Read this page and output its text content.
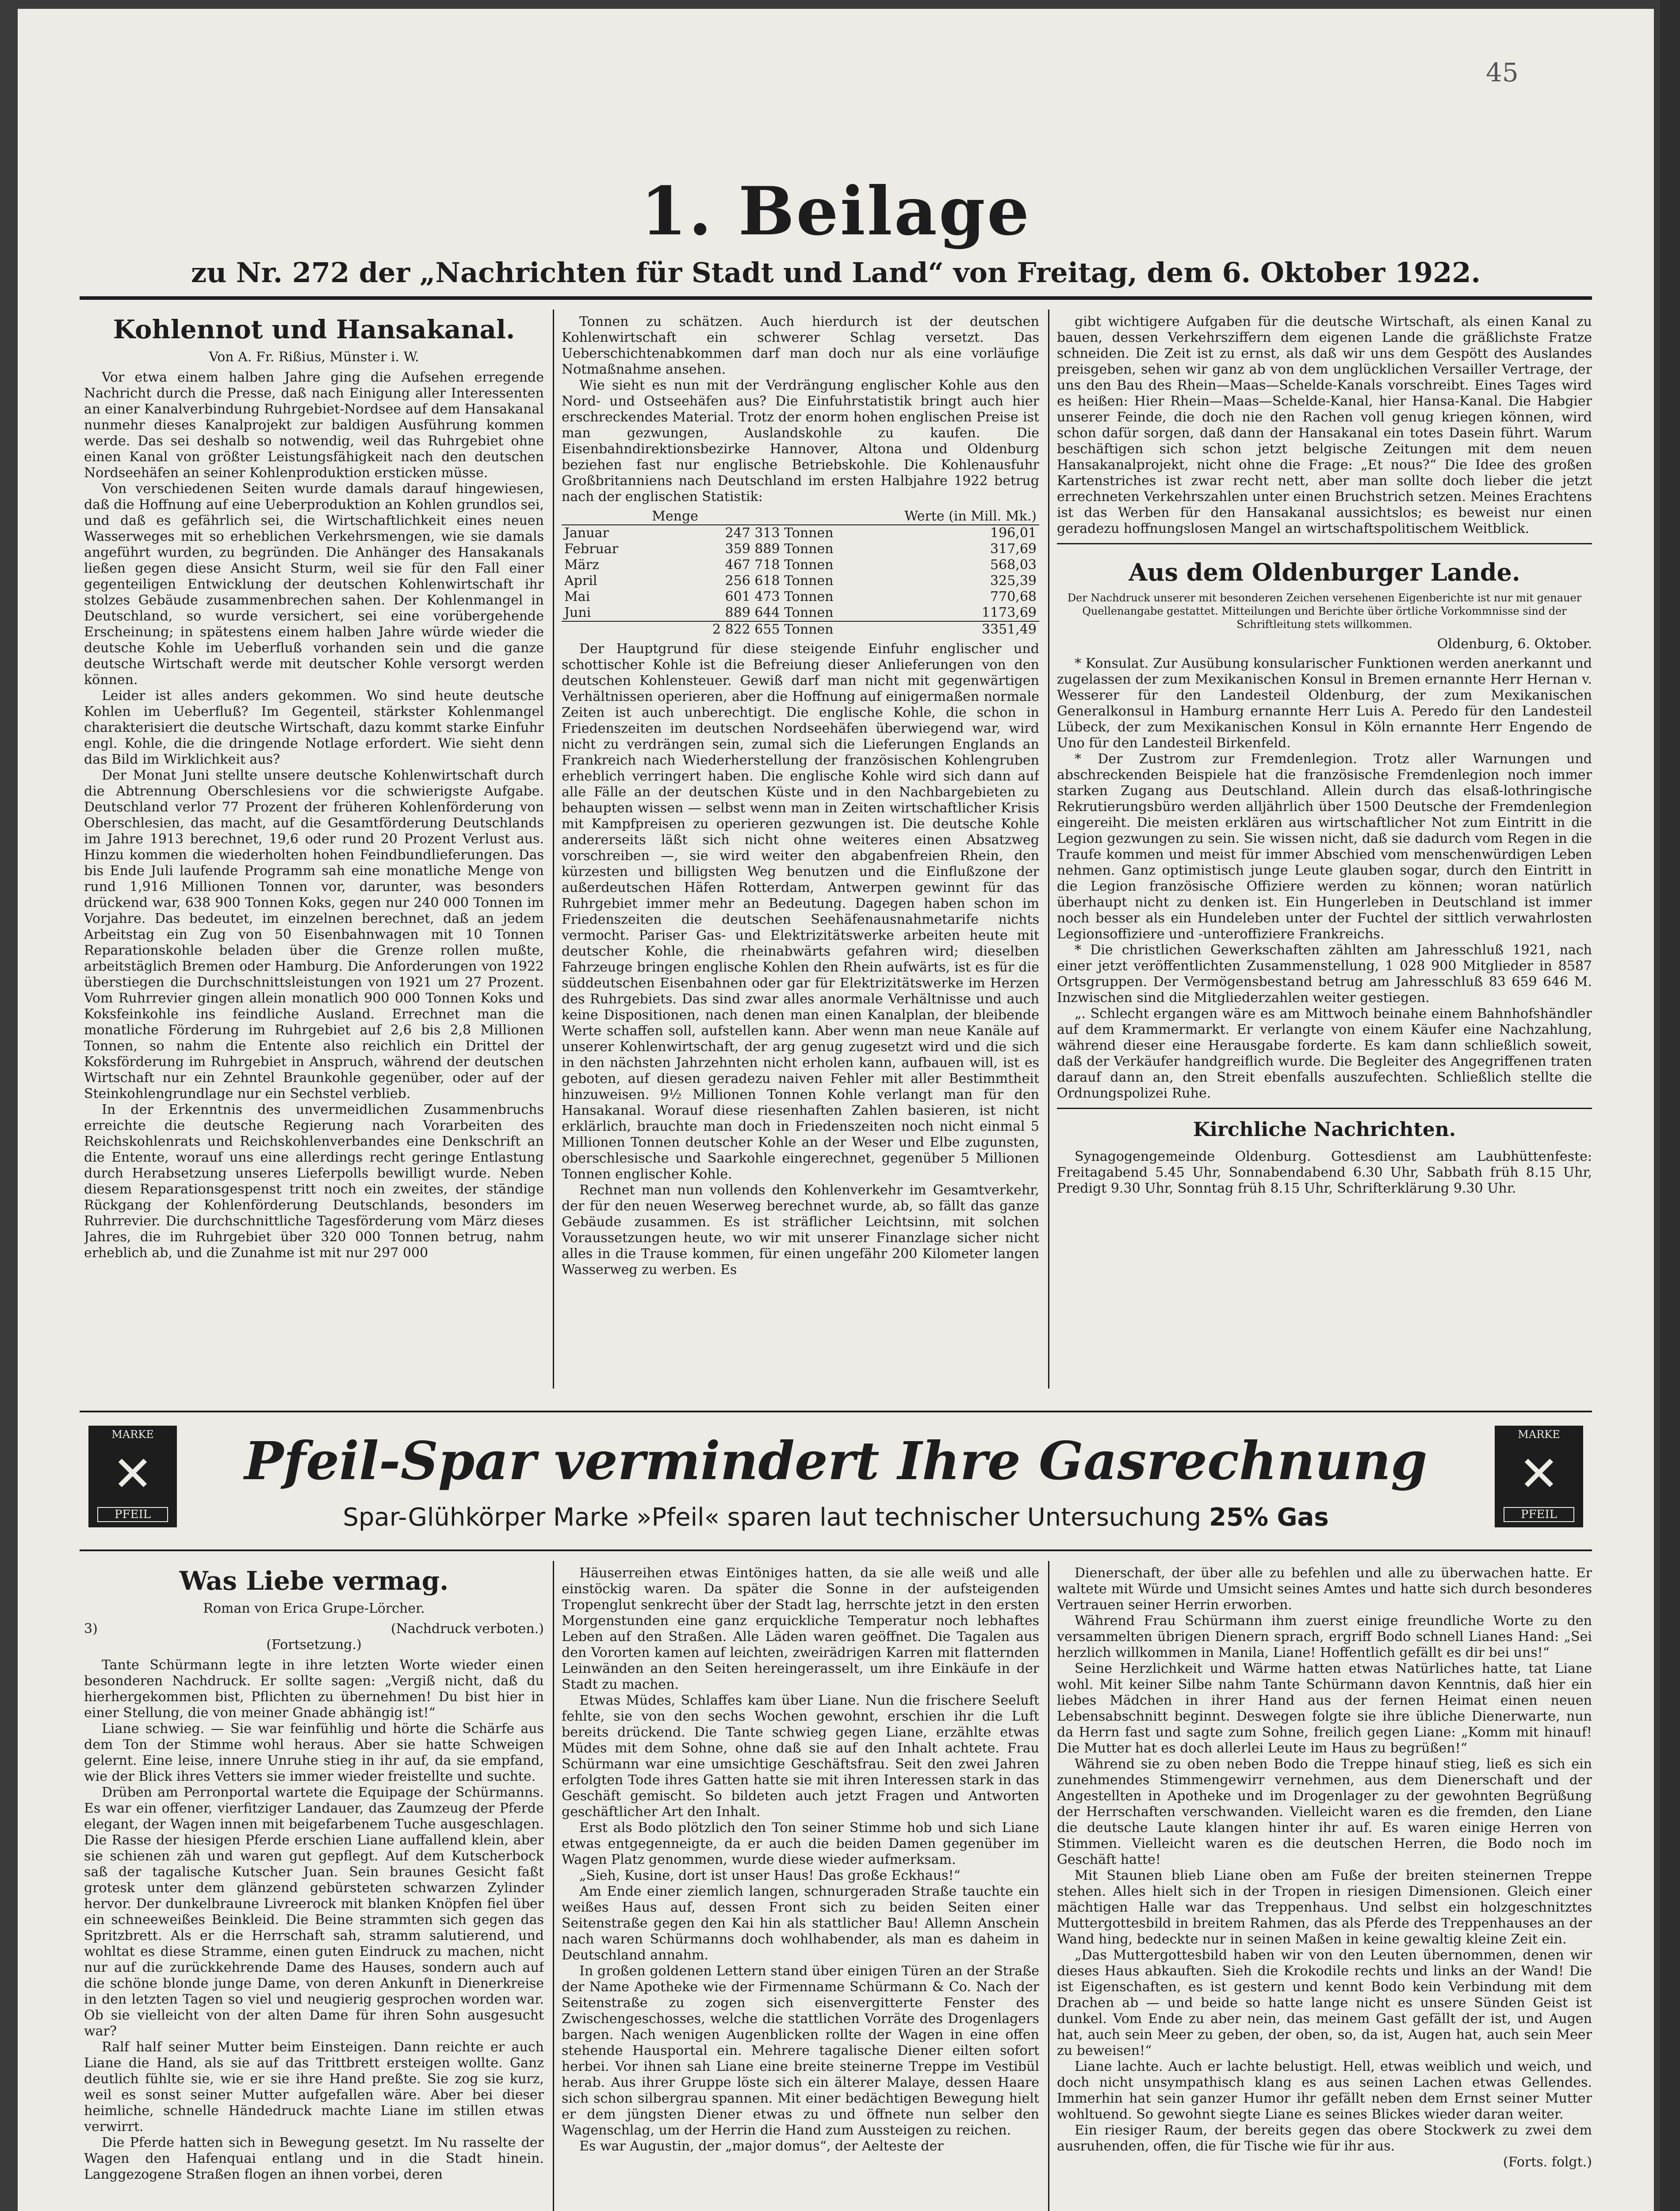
45
1. Beilage
zu Nr. 272 der „Nachrichten für Stadt und Land“ von Freitag, dem 6. Oktober 1922.
Kohlennot und Hansakanal.
Von A. Fr. Rißius, Münster i. W.

Vor etwa einem halben Jahre ging die Aufsehen erregende Nachricht durch die Presse, daß nach Einigung aller Interessenten an einer Kanalverbindung Ruhrgebiet-Nordsee auf dem Hansakanal nunmehr dieses Kanalprojekt zur baldigen Ausführung kommen werde. Das sei deshalb so notwendig, weil das Ruhrgebiet ohne einen Kanal von größter Leistungsfähigkeit nach den deutschen Nordseehäfen an seiner Kohlenproduktion ersticken müsse.

Von verschiedenen Seiten wurde damals darauf hingewiesen, daß die Hoffnung auf eine Ueberproduktion an Kohlen grundlos sei, und daß es gefährlich sei, die Wirtschaftlichkeit eines neuen Wasserweges mit so erheblichen Verkehrsmengen, wie sie damals angeführt wurden, zu begründen. Die Anhänger des Hansakanals ließen gegen diese Ansicht Sturm, weil sie für den Fall einer gegenteiligen Entwicklung der deutschen Kohlenwirtschaft ihr stolzes Gebäude zusammenbrechen sahen. Der Kohlenmangel in Deutschland, so wurde versichert, sei eine vorübergehende Erscheinung; in spätestens einem halben Jahre würde wieder die deutsche Kohle im Ueberfluß vorhanden sein und die ganze deutsche Wirtschaft werde mit deutscher Kohle versorgt werden können.

Leider ist alles anders gekommen. Wo sind heute deutsche Kohlen im Ueberfluß? Im Gegenteil, stärkster Kohlenmangel charakterisiert die deutsche Wirtschaft, dazu kommt starke Einfuhr engl. Kohle, die die dringende Notlage erfordert. Wie sieht denn das Bild im Wirklichkeit aus?

Der Monat Juni stellte unsere deutsche Kohlenwirtschaft durch die Abtrennung Oberschlesiens vor die schwierigste Aufgabe. Deutschland verlor 77 Prozent der früheren Kohlenförderung von Oberschlesien, das macht, auf die Gesamtförderung Deutschlands im Jahre 1913 berechnet, 19,6 oder rund 20 Prozent Verlust aus. Hinzu kommen die wiederholten hohen Feindbundlieferungen. Das bis Ende Juli laufende Programm sah eine monatliche Menge von rund 1,916 Millionen Tonnen vor, darunter, was besonders drückend war, 638 900 Tonnen Koks, gegen nur 240 000 Tonnen im Vorjahre. Das bedeutet, im einzelnen berechnet, daß an jedem Arbeitstag ein Zug von 50 Eisenbahnwagen mit 10 Tonnen Reparationskohle beladen über die Grenze rollen mußte, arbeitstäglich Bremen oder Hamburg. Die Anforderungen von 1922 überstiegen die Durchschnittsleistungen von 1921 um 27 Prozent. Vom Ruhrrevier gingen allein monatlich 900 000 Tonnen Koks und Koksfeinkohle ins feindliche Ausland. Errechnet man die monatliche Förderung im Ruhrgebiet auf 2,6 bis 2,8 Millionen Tonnen, so nahm die Entente also reichlich ein Drittel der Koksförderung im Ruhrgebiet in Anspruch, während der deutschen Wirtschaft nur ein Zehntel Braunkohle gegenüber, oder auf der Steinkohlengrundlage nur ein Sechstel verblieb.

In der Erkenntnis des unvermeidlichen Zusammenbruchs erreichte die deutsche Regierung nach Vorarbeiten des Reichskohlenrats und Reichskohlenverbandes eine Denkschrift an die Entente, worauf uns eine allerdings recht geringe Entlastung durch Herabsetzung unseres Lieferpolls bewilligt wurde. Neben diesem Reparationsgespenst tritt noch ein zweites, der ständige Rückgang der Kohlenförderung Deutschlands, besonders im Ruhrrevier. Die durchschnittliche Tagesförderung vom März dieses Jahres, die im Ruhrgebiet über 320 000 Tonnen betrug, nahm erheblich ab, und die Zunahme ist mit nur 297 000

Tonnen zu schätzen. Auch hierdurch ist der deutschen Kohlenwirtschaft ein schwerer Schlag versetzt. Das Ueberschichtenabkommen darf man doch nur als eine vorläufige Notmaßnahme ansehen.

Wie sieht es nun mit der Verdrängung englischer Kohle aus den Nord- und Ostseehäfen aus? Die Einfuhrstatistik bringt auch hier erschreckendes Material. Trotz der enorm hohen englischen Preise ist man gezwungen, Auslandskohle zu kaufen. Die Eisenbahndirektionsbezirke Hannover, Altona und Oldenburg beziehen fast nur englische Betriebskohle. Die Kohlenausfuhr Großbritanniens nach Deutschland im ersten Halbjahre 1922 betrug nach der englischen Statistik:

	Menge	Werte (in Mill. Mk.)
Januar	247 313 Tonnen	196,01
Februar	359 889 Tonnen	317,69
März	467 718 Tonnen	568,03
April	256 618 Tonnen	325,39
Mai	601 473 Tonnen	770,68
Juni	889 644 Tonnen	1173,69
	2 822 655 Tonnen	3351,49

Der Hauptgrund für diese steigende Einfuhr englischer und schottischer Kohle ist die Befreiung dieser Anlieferungen von den deutschen Kohlensteuer. Gewiß darf man nicht mit gegenwärtigen Verhältnissen operieren, aber die Hoffnung auf einigermaßen normale Zeiten ist auch unberechtigt. Die englische Kohle, die schon in Friedenszeiten im deutschen Nordseehäfen überwiegend war, wird nicht zu verdrängen sein, zumal sich die Lieferungen Englands an Frankreich nach Wiederherstellung der französischen Kohlengruben erheblich verringert haben. Die englische Kohle wird sich dann auf alle Fälle an der deutschen Küste und in den Nachbargebieten zu behaupten wissen — selbst wenn man in Zeiten wirtschaftlicher Krisis mit Kampfpreisen zu operieren gezwungen ist. Die deutsche Kohle andererseits läßt sich nicht ohne weiteres einen Absatzweg vorschreiben —, sie wird weiter den abgabenfreien Rhein, den kürzesten und billigsten Weg benutzen und die Einflußzone der außerdeutschen Häfen Rotterdam, Antwerpen gewinnt für das Ruhrgebiet immer mehr an Bedeutung. Dagegen haben schon im Friedenszeiten die deutschen Seehäfenausnahmetarife nichts vermocht. Pariser Gas- und Elektrizitätswerke arbeiten heute mit deutscher Kohle, die rheinabwärts gefahren wird; dieselben Fahrzeuge bringen englische Kohlen den Rhein aufwärts, ist es für die süddeutschen Eisenbahnen oder gar für Elektrizitätswerke im Herzen des Ruhrgebiets. Das sind zwar alles anormale Verhältnisse und auch keine Dispositionen, nach denen man einen Kanalplan, der bleibende Werte schaffen soll, aufstellen kann. Aber wenn man neue Kanäle auf unserer Kohlenwirtschaft, der arg genug zugesetzt wird und die sich in den nächsten Jahrzehnten nicht erholen kann, aufbauen will, ist es geboten, auf diesen geradezu naiven Fehler mit aller Bestimmtheit hinzuweisen. 9½ Millionen Tonnen Kohle verlangt man für den Hansakanal. Worauf diese riesenhaften Zahlen basieren, ist nicht erklärlich, brauchte man doch in Friedenszeiten noch nicht einmal 5 Millionen Tonnen deutscher Kohle an der Weser und Elbe zugunsten, oberschlesische und Saarkohle eingerechnet, gegenüber 5 Millionen Tonnen englischer Kohle.

Rechnet man nun vollends den Kohlenverkehr im Gesamtverkehr, der für den neuen Weserweg berechnet wurde, ab, so fällt das ganze Gebäude zusammen. Es ist sträflicher Leichtsinn, mit solchen Voraussetzungen heute, wo wir mit unserer Finanzlage sicher nicht alles in die Trause kommen, für einen ungefähr 200 Kilometer langen Wasserweg zu werben. Es

gibt wichtigere Aufgaben für die deutsche Wirtschaft, als einen Kanal zu bauen, dessen Verkehrsziffern dem eigenen Lande die gräßlichste Fratze schneiden. Die Zeit ist zu ernst, als daß wir uns dem Gespött des Auslandes preisgeben, sehen wir ganz ab von dem unglücklichen Versailler Vertrage, der uns den Bau des Rhein—Maas—Schelde-Kanals vorschreibt. Eines Tages wird es heißen: Hier Rhein—Maas—Schelde-Kanal, hier Hansa-Kanal. Die Habgier unserer Feinde, die doch nie den Rachen voll genug kriegen können, wird schon dafür sorgen, daß dann der Hansakanal ein totes Dasein führt. Warum beschäftigen sich schon jetzt belgische Zeitungen mit dem neuen Hansakanalprojekt, nicht ohne die Frage: „Et nous?“ Die Idee des großen Kartenstriches ist zwar recht nett, aber man sollte doch lieber die jetzt errechneten Verkehrszahlen unter einen Bruchstrich setzen. Meines Erachtens ist das Werben für den Hansakanal aussichtslos; es beweist nur einen geradezu hoffnungslosen Mangel an wirtschaftspolitischem Weitblick.

Aus dem Oldenburger Lande.
Der Nachdruck unserer mit besonderen Zeichen versehenen Eigenberichte ist nur mit genauer Quellenangabe gestattet. Mitteilungen und Berichte über örtliche Vorkommnisse sind der Schriftleitung stets willkommen.
Oldenburg, 6. Oktober.

* Konsulat. Zur Ausübung konsularischer Funktionen werden anerkannt und zugelassen der zum Mexikanischen Konsul in Bremen ernannte Herr Hernan v. Wesserer für den Landesteil Oldenburg, der zum Mexikanischen Generalkonsul in Hamburg ernannte Herr Luis A. Peredo für den Landesteil Lübeck, der zum Mexikanischen Konsul in Köln ernannte Herr Engendo de Uno für den Landesteil Birkenfeld.

* Der Zustrom zur Fremdenlegion. Trotz aller Warnungen und abschreckenden Beispiele hat die französische Fremdenlegion noch immer starken Zugang aus Deutschland. Allein durch das elsaß-lothringische Rekrutierungsbüro werden alljährlich über 1500 Deutsche der Fremdenlegion eingereiht. Die meisten erklären aus wirtschaftlicher Not zum Eintritt in die Legion gezwungen zu sein. Sie wissen nicht, daß sie dadurch vom Regen in die Traufe kommen und meist für immer Abschied vom menschenwürdigen Leben nehmen. Ganz optimistisch junge Leute glauben sogar, durch den Eintritt in die Legion französische Offiziere werden zu können; woran natürlich überhaupt nicht zu denken ist. Ein Hungerleben in Deutschland ist immer noch besser als ein Hundeleben unter der Fuchtel der sittlich verwahrlosten Legionsoffiziere und -unteroffiziere Frankreichs.

* Die christlichen Gewerkschaften zählten am Jahresschluß 1921, nach einer jetzt veröffentlichten Zusammenstellung, 1 028 900 Mitglieder in 8587 Ortsgruppen. Der Vermögensbestand betrug am Jahresschluß 83 659 646 M. Inzwischen sind die Mitgliederzahlen weiter gestiegen.

„. Schlecht ergangen wäre es am Mittwoch beinahe einem Bahnhofshändler auf dem Krammermarkt. Er verlangte von einem Käufer eine Nachzahlung, während dieser eine Herausgabe forderte. Es kam dann schließlich soweit, daß der Verkäufer handgreiflich wurde. Die Begleiter des Angegriffenen traten darauf dann an, den Streit ebenfalls auszufechten. Schließlich stellte die Ordnungspolizei Ruhe.

Kirchliche Nachrichten.

Synagogengemeinde Oldenburg. Gottesdienst am Laubhüttenfeste: Freitagabend 5.45 Uhr, Sonnabendabend 6.30 Uhr, Sabbath früh 8.15 Uhr, Predigt 9.30 Uhr, Sonntag früh 8.15 Uhr, Schrifterklärung 9.30 Uhr.

MARKE
✕
PFEIL
Pfeil-Spar vermindert Ihre Gasrechnung
Spar-Glühkörper Marke »Pfeil« sparen laut technischer Untersuchung 25% Gas
MARKE
✕
PFEIL
Was Liebe vermag.
Roman von Erica Grupe-Lörcher.
3)	(Nachdruck verboten.)
(Fortsetzung.)

Tante Schürmann legte in ihre letzten Worte wieder einen besonderen Nachdruck. Er sollte sagen: „Vergiß nicht, daß du hierhergekommen bist, Pflichten zu übernehmen! Du bist hier in einer Stellung, die von meiner Gnade abhängig ist!“

Liane schwieg. — Sie war feinfühlig und hörte die Schärfe aus dem Ton der Stimme wohl heraus. Aber sie hatte Schweigen gelernt. Eine leise, innere Unruhe stieg in ihr auf, da sie empfand, wie der Blick ihres Vetters sie immer wieder freistellte und suchte.

Drüben am Perronportal wartete die Equipage der Schürmanns. Es war ein offener, vierfitziger Landauer, das Zaumzeug der Pferde elegant, der Wagen innen mit beigefarbenem Tuche ausgeschlagen. Die Rasse der hiesigen Pferde erschien Liane auffallend klein, aber sie schienen zäh und waren gut gepflegt. Auf dem Kutscherbock saß der tagalische Kutscher Juan. Sein braunes Gesicht faßt grotesk unter dem glänzend gebürsteten schwarzen Zylinder hervor. Der dunkelbraune Livreerock mit blanken Knöpfen fiel über ein schneeweißes Beinkleid. Die Beine strammten sich gegen das Spritzbrett. Als er die Herrschaft sah, stramm salutierend, und wohltat es diese Stramme, einen guten Eindruck zu machen, nicht nur auf die zurückkehrende Dame des Hauses, sondern auch auf die schöne blonde junge Dame, von deren Ankunft in Dienerkreise in den letzten Tagen so viel und neugierig gesprochen worden war. Ob sie vielleicht von der alten Dame für ihren Sohn ausgesucht war?

Ralf half seiner Mutter beim Einsteigen. Dann reichte er auch Liane die Hand, als sie auf das Trittbrett ersteigen wollte. Ganz deutlich fühlte sie, wie er sie ihre Hand preßte. Sie zog sie kurz, weil es sonst seiner Mutter aufgefallen wäre. Aber bei dieser heimliche, schnelle Händedruck machte Liane im stillen etwas verwirrt.

Die Pferde hatten sich in Bewegung gesetzt. Im Nu rasselte der Wagen den Hafenquai entlang und in die Stadt hinein. Langgezogene Straßen flogen an ihnen vorbei, deren

Häuserreihen etwas Eintöniges hatten, da sie alle weiß und alle einstöckig waren. Da später die Sonne in der aufsteigenden Tropenglut senkrecht über der Stadt lag, herrschte jetzt in den ersten Morgenstunden eine ganz erquickliche Temperatur noch lebhaftes Leben auf den Straßen. Alle Läden waren geöffnet. Die Tagalen aus den Vororten kamen auf leichten, zweirädrigen Karren mit flatternden Leinwänden an den Seiten hereingerasselt, um ihre Einkäufe in der Stadt zu machen.

Etwas Müdes, Schlaffes kam über Liane. Nun die frischere Seeluft fehlte, sie von den sechs Wochen gewohnt, erschien ihr die Luft bereits drückend. Die Tante schwieg gegen Liane, erzählte etwas Müdes mit dem Sohne, ohne daß sie auf den Inhalt achtete. Frau Schürmann war eine umsichtige Geschäftsfrau. Seit den zwei Jahren erfolgten Tode ihres Gatten hatte sie mit ihren Interessen stark in das Geschäft gemischt. So bildeten auch jetzt Fragen und Antworten geschäftlicher Art den Inhalt.

Erst als Bodo plötzlich den Ton seiner Stimme hob und sich Liane etwas entgegenneigte, da er auch die beiden Damen gegenüber im Wagen Platz genommen, wurde diese wieder aufmerksam.

„Sieh, Kusine, dort ist unser Haus! Das große Eckhaus!“

Am Ende einer ziemlich langen, schnurgeraden Straße tauchte ein weißes Haus auf, dessen Front sich zu beiden Seiten einer Seitenstraße gegen den Kai hin als stattlicher Bau! Allemn Anschein nach waren Schürmanns doch wohlhabender, als man es daheim in Deutschland annahm.

In großen goldenen Lettern stand über einigen Türen an der Straße der Name Apotheke wie der Firmenname Schürmann & Co. Nach der Seitenstraße zu zogen sich eisenvergitterte Fenster des Zwischengeschosses, welche die stattlichen Vorräte des Drogenlagers bargen. Nach wenigen Augenblicken rollte der Wagen in eine offen stehende Hausportal ein. Mehrere tagalische Diener eilten sofort herbei. Vor ihnen sah Liane eine breite steinerne Treppe im Vestibül herab. Aus ihrer Gruppe löste sich ein älterer Malaye, dessen Haare sich schon silbergrau spannen. Mit einer bedächtigen Bewegung hielt er dem jüngsten Diener etwas zu und öffnete nun selber den Wagenschlag, um der Herrin die Hand zum Aussteigen zu reichen.

Es war Augustin, der „major domus“, der Aelteste der

Dienerschaft, der über alle zu befehlen und alle zu überwachen hatte. Er waltete mit Würde und Umsicht seines Amtes und hatte sich durch besonderes Vertrauen seiner Herrin erworben.

Während Frau Schürmann ihm zuerst einige freundliche Worte zu den versammelten übrigen Dienern sprach, ergriff Bodo schnell Lianes Hand: „Sei herzlich willkommen in Manila, Liane! Hoffentlich gefällt es dir bei uns!“

Seine Herzlichkeit und Wärme hatten etwas Natürliches hatte, tat Liane wohl. Mit keiner Silbe nahm Tante Schürmann davon Kenntnis, daß hier ein liebes Mädchen in ihrer Hand aus der fernen Heimat einen neuen Lebensabschnitt beginnt. Deswegen folgte sie ihre übliche Dienerwarte, nun da Herrn fast und sagte zum Sohne, freilich gegen Liane: „Komm mit hinauf! Die Mutter hat es doch allerlei Leute im Haus zu begrüßen!“

Während sie zu oben neben Bodo die Treppe hinauf stieg, ließ es sich ein zunehmendes Stimmengewirr vernehmen, aus dem Dienerschaft und der Angestellten in Apotheke und im Drogenlager zu der gewohnten Begrüßung der Herrschaften verschwanden. Vielleicht waren es die fremden, den Liane die deutsche Laute klangen hinter ihr auf. Es waren einige Herren von Stimmen. Vielleicht waren es die deutschen Herren, die Bodo noch im Geschäft hatte!

Mit Staunen blieb Liane oben am Fuße der breiten steinernen Treppe stehen. Alles hielt sich in der Tropen in riesigen Dimensionen. Gleich einer mächtigen Halle war das Treppenhaus. Und selbst ein holzgeschnitztes Muttergottesbild in breitem Rahmen, das als Pferde des Treppenhauses an der Wand hing, bedeckte nur in seinen Maßen in keine gewaltig kleine Zeit ein.

„Das Muttergottesbild haben wir von den Leuten übernommen, denen wir dieses Haus abkauften. Sieh die Krokodile rechts und links an der Wand! Die ist Eigenschaften, es ist gestern und kennt Bodo kein Verbindung mit dem Drachen ab — und beide so hatte lange nicht es unsere Sünden Geist ist dunkel. Vom Ende zu aber nein, das meinem Gast gefällt der ist, und Augen hat, auch sein Meer zu geben, der oben, so, da ist, Augen hat, auch sein Meer zu beweisen!“

Liane lachte. Auch er lachte belustigt. Hell, etwas weiblich und weich, und doch nicht unsympathisch klang es aus seinen Lachen etwas Gellendes. Immerhin hat sein ganzer Humor ihr gefällt neben dem Ernst seiner Mutter wohltuend. So gewohnt siegte Liane es seines Blickes wieder daran weiter.

Ein riesiger Raum, der bereits gegen das obere Stockwerk zu zwei dem ausruhenden, offen, die für Tische wie für ihr aus.

(Forts. folgt.)
